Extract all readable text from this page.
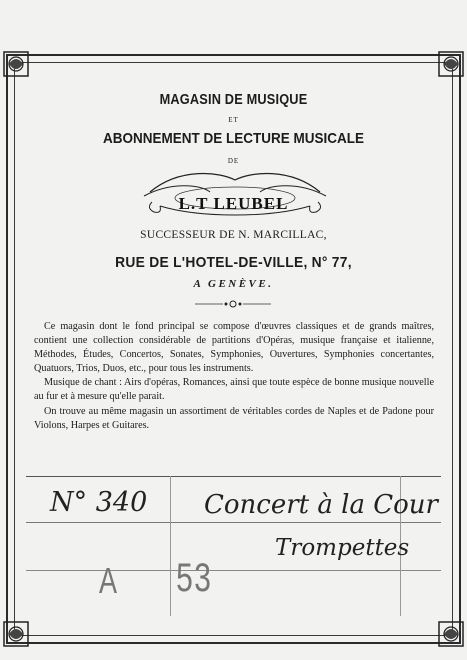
MAGASIN DE MUSIQUE
ET
ABONNEMENT DE LECTURE MUSICALE
DE
L.T LEUBEL
SUCCESSEUR DE N. MARCILLAC,
RUE DE L'HOTEL-DE-VILLE, N° 77,
A GENÈVE.

Ce magasin dont le fond principal se compose d'œuvres classiques et de grands maîtres, contient une collection considérable de partitions d'Opéras, musique française et italienne, Méthodes, Études, Concertos, Sonates, Symphonies, Ouvertures, Symphonies concertantes, Quatuors, Trios, Duos, etc., pour tous les instruments.

Musique de chant : Airs d'opéras, Romances, ainsi que toute espèce de bonne musique nouvelle au fur et à mesure qu'elle parait.

On trouve au même magasin un assortiment de véritables cordes de Naples et de Padone pour Violons, Harpes et Guitares.

N° 340 Concert à la Cour
Trompettes
A 53
